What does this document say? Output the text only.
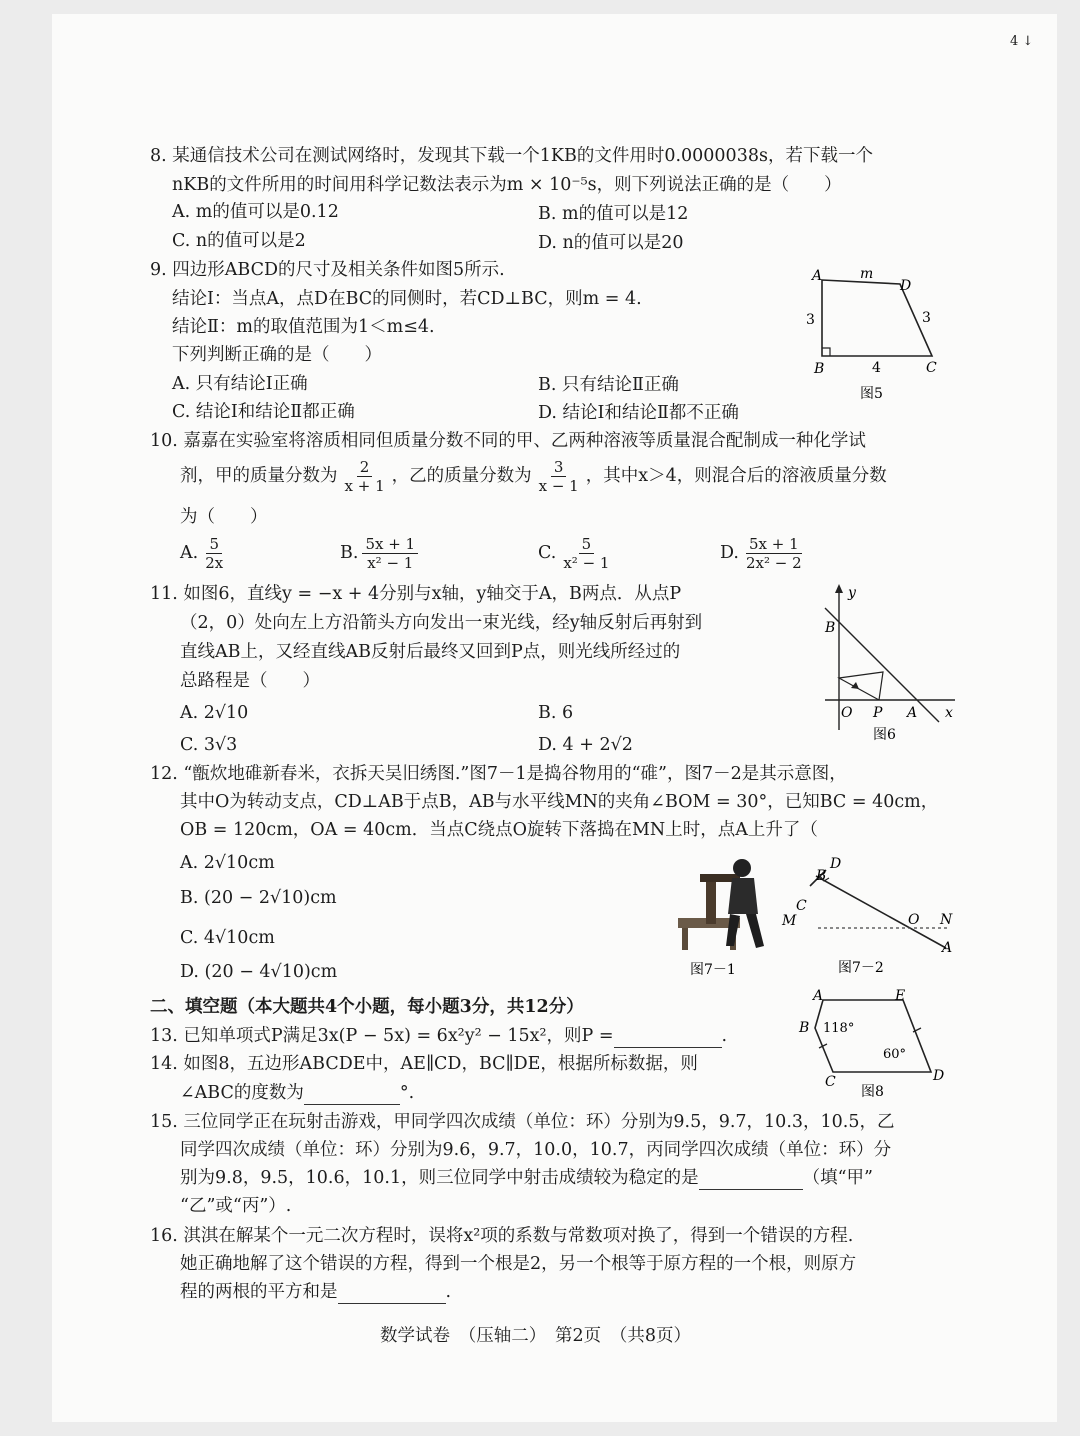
4 ↓
8. 某通信技术公司在测试网络时，发现其下载一个1KB的文件用时0.0000038s，若下载一个
nKB的文件所用的时间用科学记数法表示为m × 10⁻⁵s，则下列说法正确的是（　　）
A. m的值可以是0.12	B. m的值可以是12
C. n的值可以是2	D. n的值可以是20
9. 四边形ABCD的尺寸及相关条件如图5所示.
结论Ⅰ：当点A，点D在BC的同侧时，若CD⊥BC，则m = 4.
结论Ⅱ：m的取值范围为1＜m≤4.
下列判断正确的是（　　）
A. 只有结论Ⅰ正确	B. 只有结论Ⅱ正确
C. 结论Ⅰ和结论Ⅱ都正确	D. 结论Ⅰ和结论Ⅱ都不正确
A	m
D
3	3
B	4	C
图5
10. 嘉嘉在实验室将溶质相同但质量分数不同的甲、乙两种溶液等质量混合配制成一种化学试
剂，甲的质量分数为 $\frac{2}{x + 1}$ ，乙的质量分数为 $\frac{3}{x - 1}$ ，其中x＞4，则混合后的溶液质量分数
为（　　）
A. $\frac{5}{2x}$	B. $\frac{5x + 1}{\text{x² − 1}}$	C. $\frac{5}{\text{x² − 1}}$	D. $\frac{5x + 1}{\text{2x² − 2}}$
11. 如图6，直线y = −x + 4分别与x轴，y轴交于A，B两点．从点P
（2，0）处向左上方沿箭头方向发出一束光线，经y轴反射后再射到
直线AB上，又经直线AB反射后最终又回到P点，则光线所经过的
总路程是（　　）
A. 2√10	B. 6
C. 3√3	D. 4 + 2√2
y
B
O P A x
图6
12. “甑炊地碓新春米，衣拆天吴旧绣图.”图7－1是捣谷物用的“碓”，图7－2是其示意图，
其中O为转动支点，CD⊥AB于点B，AB与水平线MN的夹角∠BOM = 30°，已知BC = 40cm，
OB = 120cm，OA = 40cm．当点C绕点O旋转下落捣在MN上时，点A上升了（
A. 2√10cm
B. (20 − 2√10)cm
C. 4√10cm
D. (20 − 4√10)cm	图7－1
D
B
C
M	O N
A
图7－2
二、填空题（本大题共4个小题，每小题3分，共12分）
13. 已知单项式P满足3x(P − 5x) = 6x²y² − 15x²，则P =	.
14. 如图8，五边形ABCDE中，AE∥CD，BC∥DE，根据所标数据，则
∠ABC的度数为	°.
A	E
B 118°
60°
C	D
图8
15. 三位同学正在玩射击游戏，甲同学四次成绩（单位：环）分别为9.5，9.7，10.3，10.5，乙
同学四次成绩（单位：环）分别为9.6，9.7，10.0，10.7，丙同学四次成绩（单位：环）分
别为9.8，9.5，10.6，10.1，则三位同学中射击成绩较为稳定的是	（填“甲”
“乙”或“丙”）.
16. 淇淇在解某个一元二次方程时，误将x²项的系数与常数项对换了，得到一个错误的方程.
她正确地解了这个错误的方程，得到一个根是2，另一个根等于原方程的一个根，则原方
程的两根的平方和是	.
数学试卷　（压轴二）　第2页　（共8页）
